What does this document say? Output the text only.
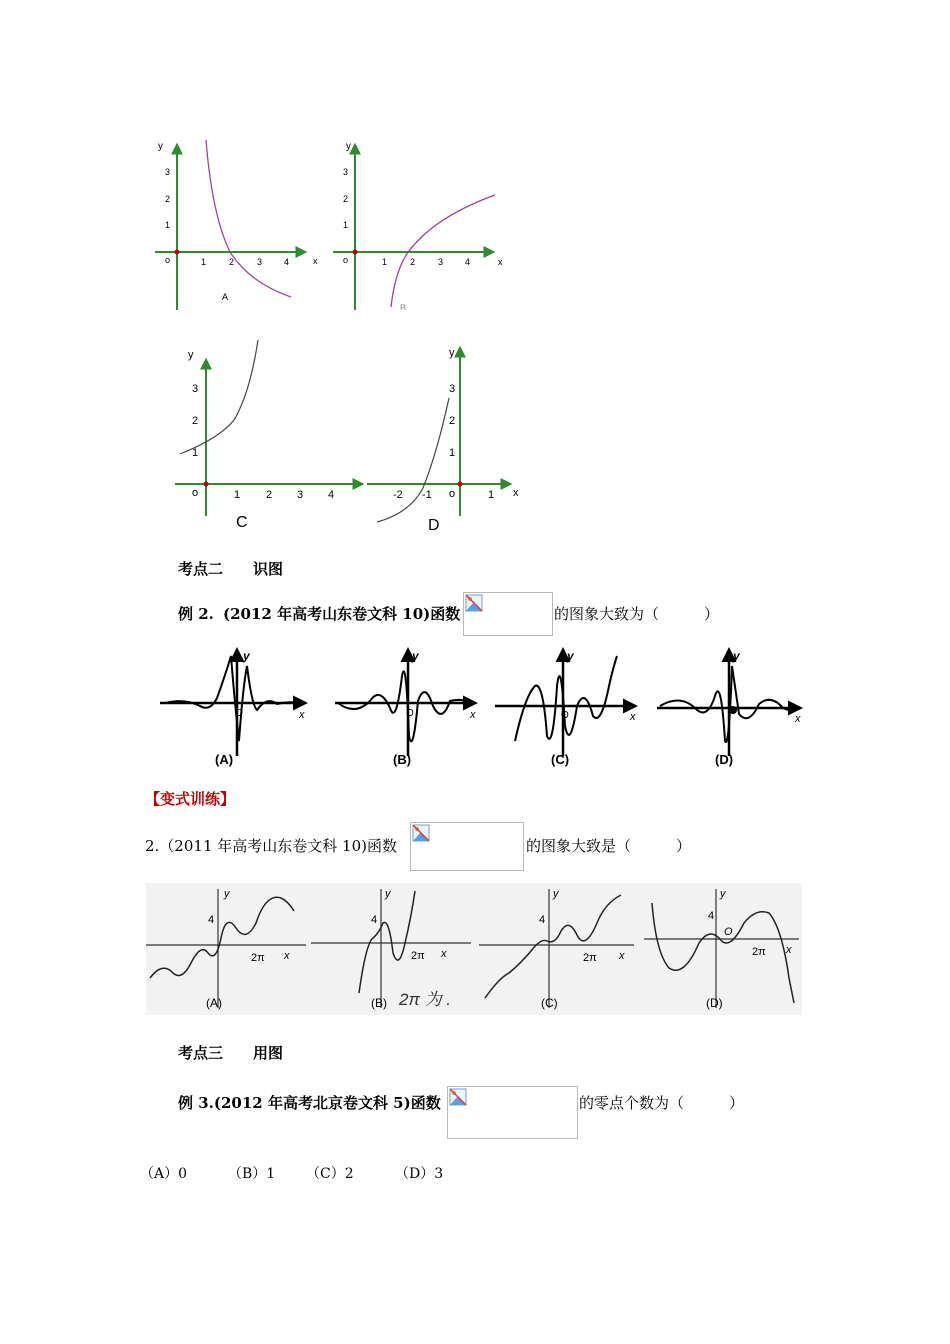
y
3
2
1
o	1	2	3 4	x
A
y
3
2
1
o	1	2	3 4	x
B
y
3
2
1
o	1 2 3 4
C
y
3
2
1
o
-2 -1	1 x
D
考点二　　识图
例 2. (2012 年高考山东卷文科 10)函数	的图象大致为（　　　）
y
x
O
(A)
y
x
O
(B)
y
x
O
(C)
y
x
(D)
【变式训练】
2.（2011 年高考山东卷文科 10)函数	的图象大致是（　　　）
y
4
2π x
(A)
y
4
2π x
(B) 2π 为 .
y
4
2π x
(C)
y
4
O
2π x
(D)
考点三　　用图
例 3.(2012 年高考北京卷文科 5)函数	的零点个数为（　　　）
（A）0	（B）1 （C）2	（D）3
